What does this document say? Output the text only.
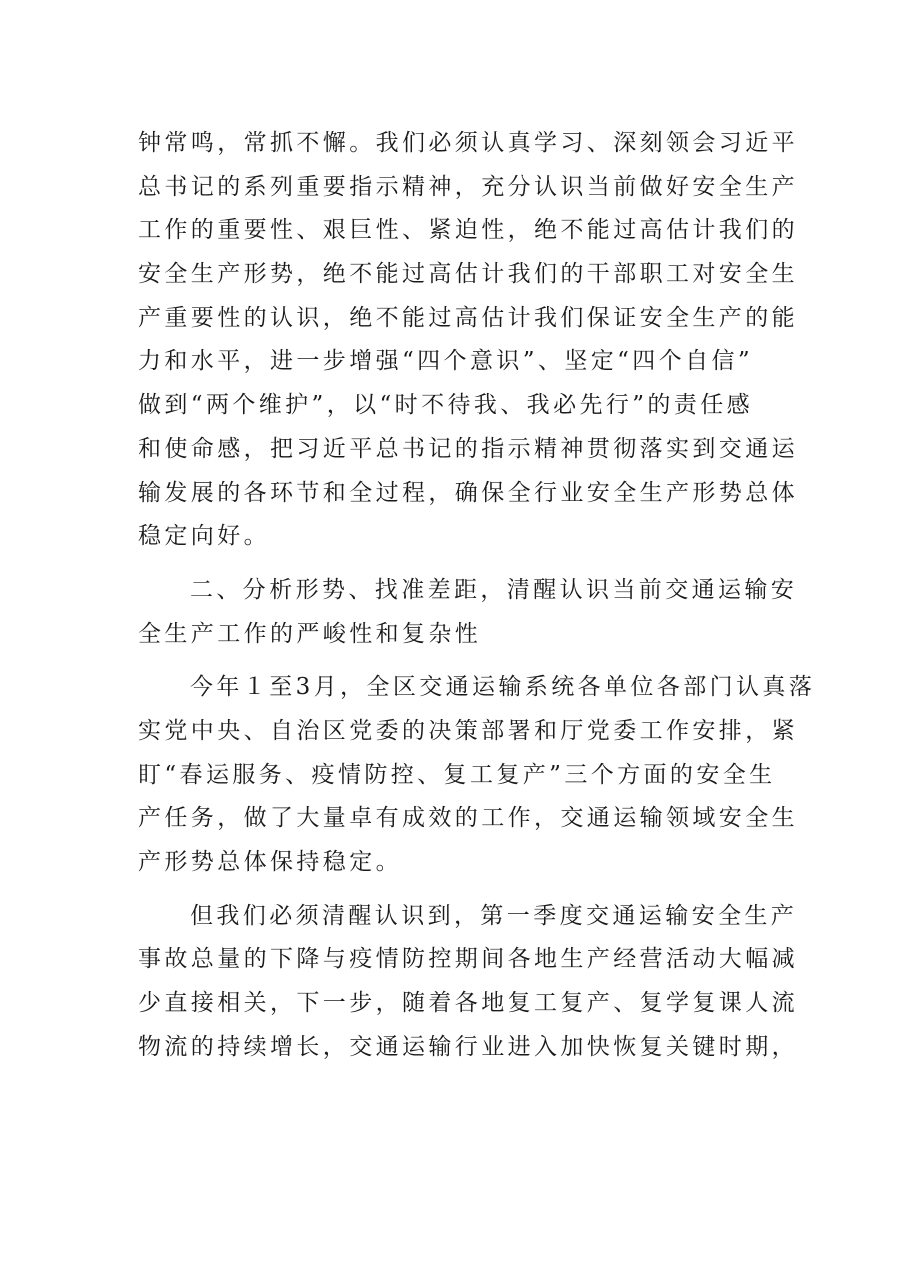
钟常鸣，常抓不懈。我们必须认真学习、深刻领会习近平
总书记的系列重要指示精神，充分认识当前做好安全生产
工作的重要性、艰巨性、紧迫性，绝不能过高估计我们的
安全生产形势，绝不能过高估计我们的干部职工对安全生
产重要性的认识，绝不能过高估计我们保证安全生产的能
力和水平，进一步增强“四个意识”、坚定“四个自信”
做到“两个维护”，以“时不待我、我必先行”的责任感
和使命感，把习近平总书记的指示精神贯彻落实到交通运
输发展的各环节和全过程，确保全行业安全生产形势总体
稳定向好。
二、分析形势、找准差距，清醒认识当前交通运输安
全生产工作的严峻性和复杂性
今年１至3月，全区交通运输系统各单位各部门认真落
实党中央、自治区党委的决策部署和厅党委工作安排，紧
盯“春运服务、疫情防控、复工复产”三个方面的安全生
产任务，做了大量卓有成效的工作，交通运输领域安全生
产形势总体保持稳定。
但我们必须清醒认识到，第一季度交通运输安全生产
事故总量的下降与疫情防控期间各地生产经营活动大幅减
少直接相关，下一步，随着各地复工复产、复学复课人流
物流的持续增长，交通运输行业进入加快恢复关键时期，
